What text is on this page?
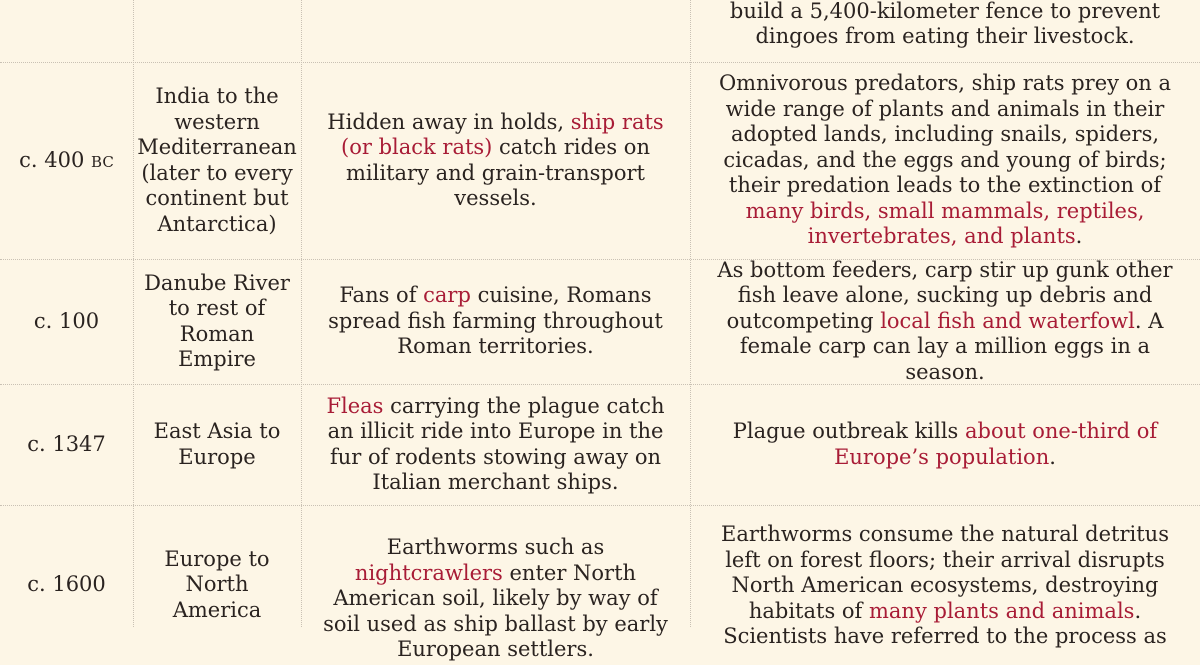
build a 5,400-kilometer fence to prevent dingoes from eating their livestock.
c. 400 bc
India to the western Mediterranean (later to every continent but Antarctica)
Hidden away in holds, ship rats (or black rats) catch rides on military and grain-transport vessels.
Omnivorous predators, ship rats prey on a wide range of plants and animals in their adopted lands, including snails, spiders, cicadas, and the eggs and young of birds; their predation leads to the extinction of many birds, small mammals, reptiles, invertebrates, and plants.
c. 100
Danube River to rest of Roman Empire
Fans of carp cuisine, Romans spread fish farming throughout Roman territories.
As bottom feeders, carp stir up gunk other fish leave alone, sucking up debris and outcompeting local fish and waterfowl. A female carp can lay a million eggs in a season.
c. 1347
East Asia to Europe
Fleas carrying the plague catch an illicit ride into Europe in the fur of rodents stowing away on Italian merchant ships.
Plague outbreak kills about one-third of Europe’s population.
c. 1600
Europe to North America
Earthworms such as nightcrawlers enter North American soil, likely by way of soil used as ship ballast by early European settlers.
Earthworms consume the natural detritus left on forest floors; their arrival disrupts North American ecosystems, destroying habitats of many plants and animals. Scientists have referred to the process as
